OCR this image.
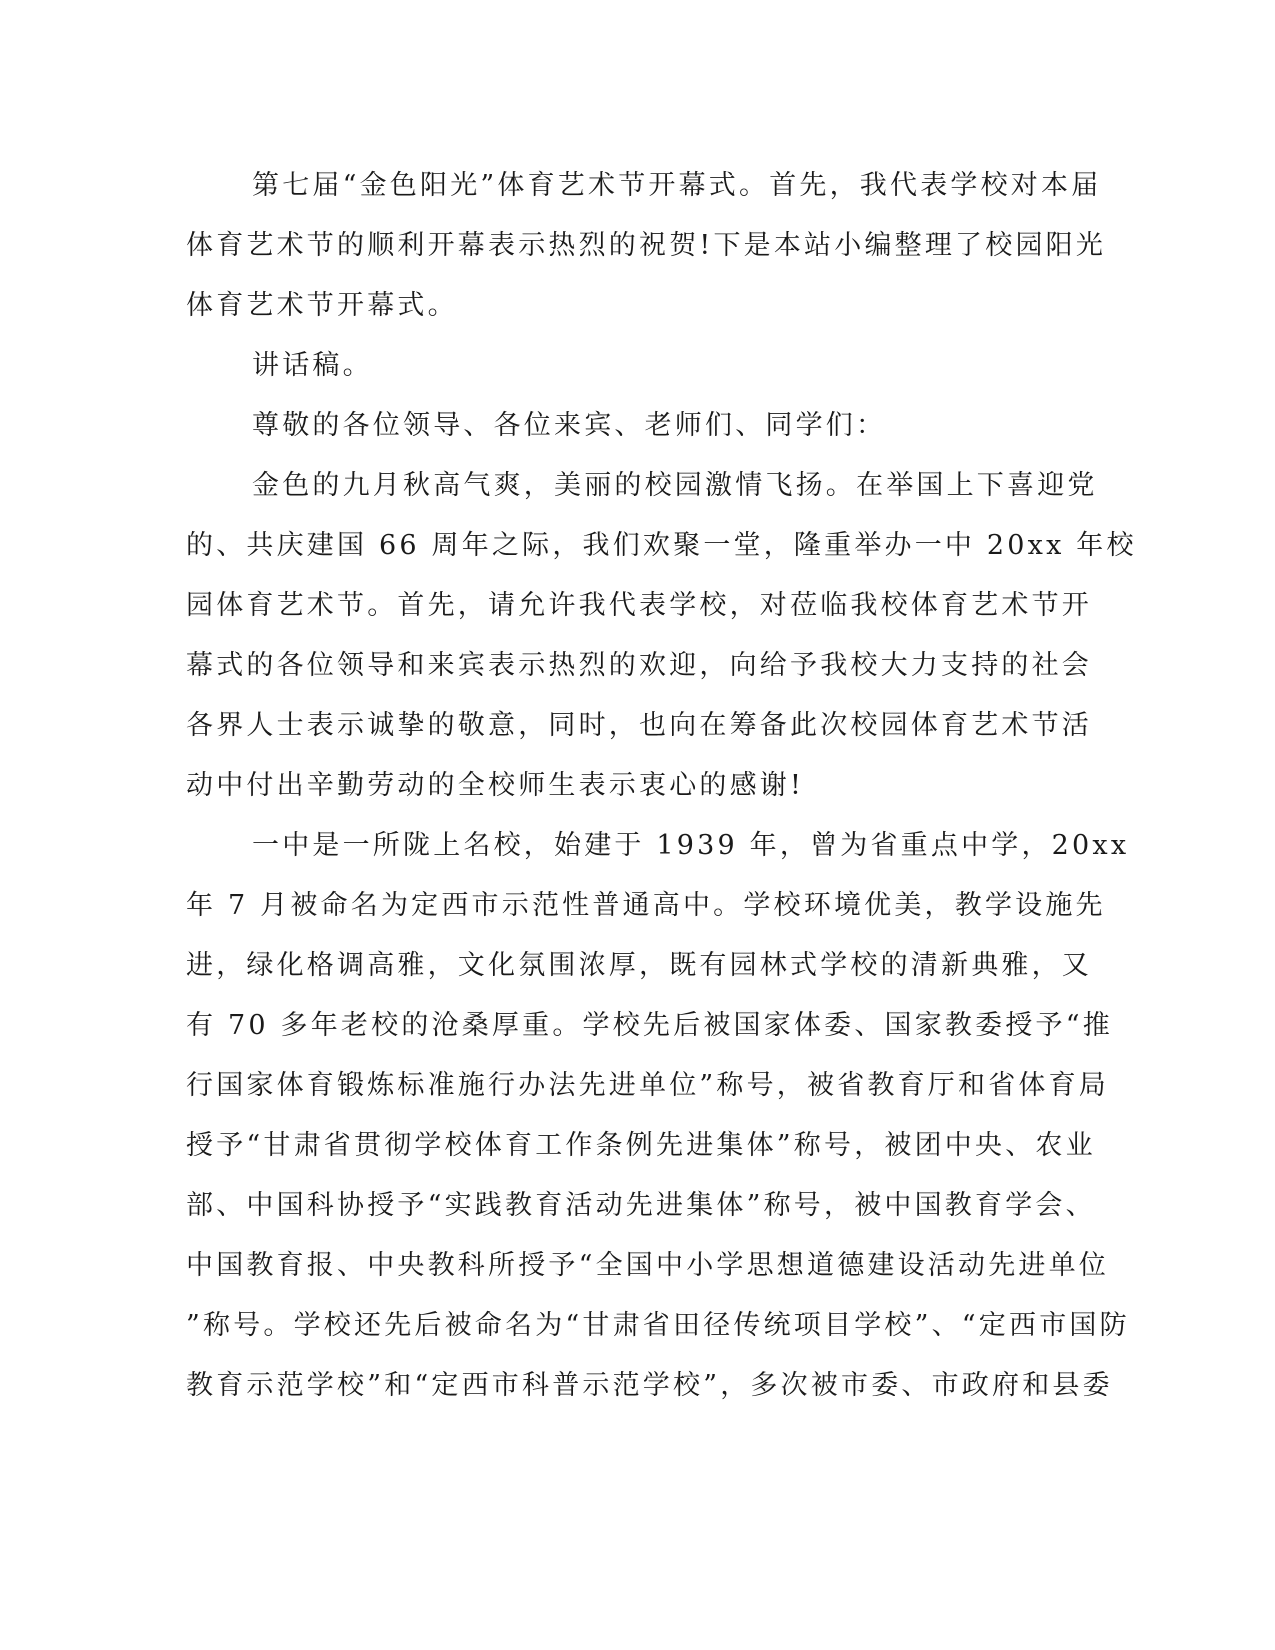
第七届“金色阳光”体育艺术节开幕式。首先，我代表学校对本届
体育艺术节的顺利开幕表示热烈的祝贺!下是本站小编整理了校园阳光
体育艺术节开幕式。
讲话稿。
尊敬的各位领导、各位来宾、老师们、同学们：
金色的九月秋高气爽，美丽的校园激情飞扬。在举国上下喜迎党
的、共庆建国 66 周年之际，我们欢聚一堂，隆重举办一中 20xx 年校
园体育艺术节。首先，请允许我代表学校，对莅临我校体育艺术节开
幕式的各位领导和来宾表示热烈的欢迎，向给予我校大力支持的社会
各界人士表示诚挚的敬意，同时，也向在筹备此次校园体育艺术节活
动中付出辛勤劳动的全校师生表示衷心的感谢!
一中是一所陇上名校，始建于 1939 年，曾为省重点中学，20xx
年 7 月被命名为定西市示范性普通高中。学校环境优美，教学设施先
进，绿化格调高雅，文化氛围浓厚，既有园林式学校的清新典雅，又
有 70 多年老校的沧桑厚重。学校先后被国家体委、国家教委授予“推
行国家体育锻炼标准施行办法先进单位”称号，被省教育厅和省体育局
授予“甘肃省贯彻学校体育工作条例先进集体”称号，被团中央、农业
部、中国科协授予“实践教育活动先进集体”称号，被中国教育学会、
中国教育报、中央教科所授予“全国中小学思想道德建设活动先进单位
”称号。学校还先后被命名为“甘肃省田径传统项目学校”、“定西市国防
教育示范学校”和“定西市科普示范学校”，多次被市委、市政府和县委
